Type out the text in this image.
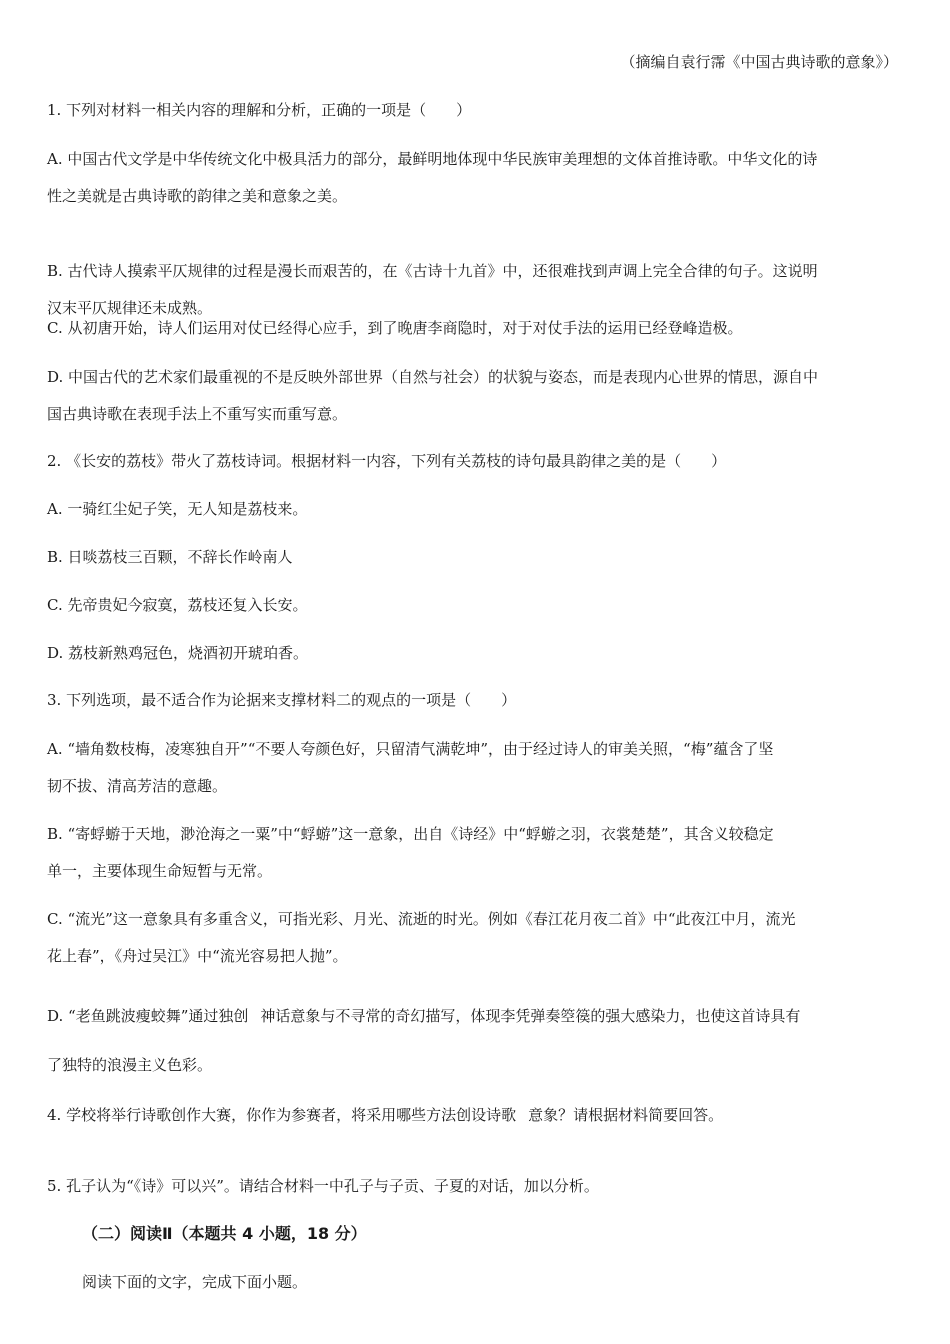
（摘编自袁行霈《中国古典诗歌的意象》）
1. 下列对材料一相关内容的理解和分析，正确的一项是（　　）
A. 中国古代文学是中华传统文化中极具活力的部分，最鲜明地体现中华民族审美理想的文体首推诗歌。中华文化的诗
性之美就是古典诗歌的韵律之美和意象之美。
B. 古代诗人摸索平仄规律的过程是漫长而艰苦的，在《古诗十九首》中，还很难找到声调上完全合律的句子。这说明
汉末平仄规律还未成熟。
C. 从初唐开始，诗人们运用对仗已经得心应手，到了晚唐李商隐时，对于对仗手法的运用已经登峰造极。
D. 中国古代的艺术家们最重视的不是反映外部世界（自然与社会）的状貌与姿态，而是表现内心世界的情思，源自中
国古典诗歌在表现手法上不重写实而重写意。
2. 《长安的荔枝》带火了荔枝诗词。根据材料一内容，下列有关荔枝的诗句最具韵律之美的是（　　）
A. 一骑红尘妃子笑，无人知是荔枝来。
B. 日啖荔枝三百颗，不辞长作岭南人
C. 先帝贵妃今寂寞，荔枝还复入长安。
D. 荔枝新熟鸡冠色，烧酒初开琥珀香。
3. 下列选项，最不适合作为论据来支撑材料二的观点的一项是（　　）
A. “墙角数枝梅，凌寒独自开”“不要人夸颜色好，只留清气满乾坤”，由于经过诗人的审美关照，“梅”蕴含了坚
韧不拔、清高芳洁的意趣。
B. “寄蜉蝣于天地，渺沧海之一粟”中“蜉蝣”这一意象，出自《诗经》中“蜉蝣之羽，衣裳楚楚”，其含义较稳定
单一，主要体现生命短暂与无常。
C. “流光”这一意象具有多重含义，可指光彩、月光、流逝的时光。例如《春江花月夜二首》中“此夜江中月，流光
花上春”，《舟过吴江》中“流光容易把人抛”。
D. “老鱼跳波瘦蛟舞”通过独创 神话意象与不寻常的奇幻描写，体现李凭弹奏箜篌的强大感染力，也使这首诗具有
了独特的浪漫主义色彩。
4. 学校将举行诗歌创作大赛，你作为参赛者，将采用哪些方法创设诗歌 意象？请根据材料简要回答。
5. 孔子认为“《诗》可以兴”。请结合材料一中孔子与子贡、子夏的对话，加以分析。
（二）阅读Ⅱ（本题共 4 小题，18 分）
阅读下面的文字，完成下面小题。
